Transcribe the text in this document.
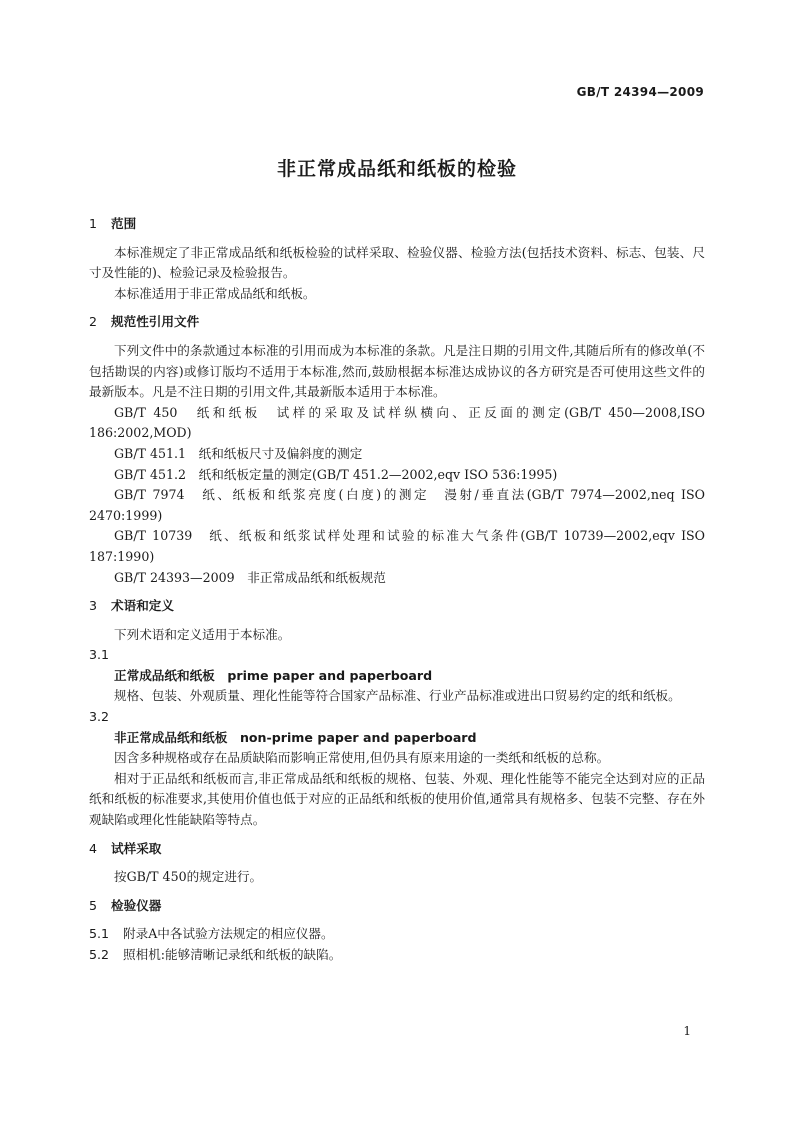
GB/T 24394—2009
非正常成品纸和纸板的检验
1 范围

本标准规定了非正常成品纸和纸板检验的试样采取、检验仪器、检验方法(包括技术资料、标志、包装、尺寸及性能的)、检验记录及检验报告。

本标准适用于非正常成品纸和纸板。

2 规范性引用文件

下列文件中的条款通过本标准的引用而成为本标准的条款。凡是注日期的引用文件,其随后所有的修改单(不包括勘误的内容)或修订版均不适用于本标准,然而,鼓励根据本标准达成协议的各方研究是否可使用这些文件的最新版本。凡是不注日期的引用文件,其最新版本适用于本标准。

GB/T 450　纸和纸板　试样的采取及试样纵横向、正反面的测定(GB/T 450—2008,ISO 186:2002,MOD)

GB/T 451.1　纸和纸板尺寸及偏斜度的测定

GB/T 451.2　纸和纸板定量的测定(GB/T 451.2—2002,eqv ISO 536:1995)

GB/T 7974　纸、纸板和纸浆亮度(白度)的测定　漫射/垂直法(GB/T 7974—2002,neq ISO 2470:1999)

GB/T 10739　纸、纸板和纸浆试样处理和试验的标准大气条件(GB/T 10739—2002,eqv ISO 187:1990)

GB/T 24393—2009　非正常成品纸和纸板规范

3 术语和定义

下列术语和定义适用于本标准。

3.1

正常成品纸和纸板　prime paper and paperboard

规格、包装、外观质量、理化性能等符合国家产品标准、行业产品标准或进出口贸易约定的纸和纸板。

3.2

非正常成品纸和纸板　non-prime paper and paperboard

因含多种规格或存在品质缺陷而影响正常使用,但仍具有原来用途的一类纸和纸板的总称。

相对于正品纸和纸板而言,非正常成品纸和纸板的规格、包装、外观、理化性能等不能完全达到对应的正品纸和纸板的标准要求,其使用价值也低于对应的正品纸和纸板的使用价值,通常具有规格多、包装不完整、存在外观缺陷或理化性能缺陷等特点。

4 试样采取

按GB/T 450的规定进行。

5 检验仪器

5.1 附录A中各试验方法规定的相应仪器。

5.2 照相机:能够清晰记录纸和纸板的缺陷。

1
